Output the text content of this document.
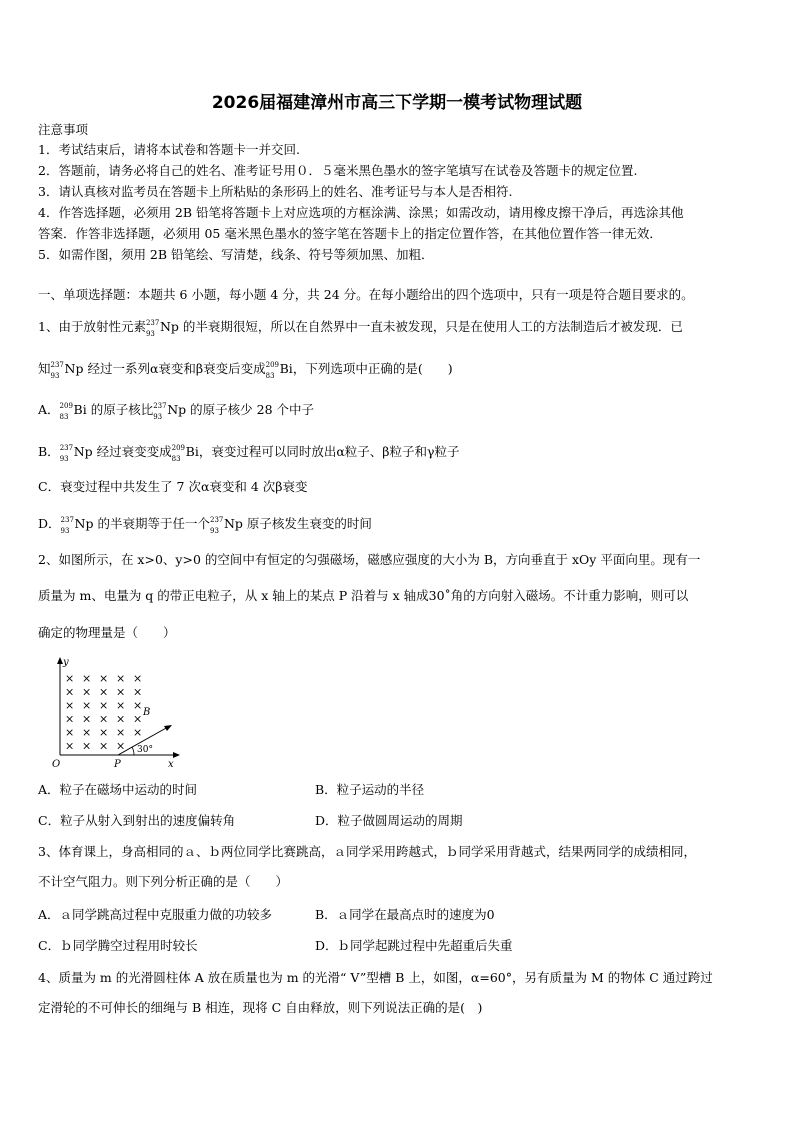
2026届福建漳州市高三下学期一模考试物理试题
注意事项
1．考试结束后，请将本试卷和答题卡一并交回.
2．答题前，请务必将自己的姓名、准考证号用０．５毫米黑色墨水的签字笔填写在试卷及答题卡的规定位置.
3．请认真核对监考员在答题卡上所粘贴的条形码上的姓名、准考证号与本人是否相符.
4．作答选择题，必须用 2B 铅笔将答题卡上对应选项的方框涂满、涂黑；如需改动，请用橡皮擦干净后，再选涂其他
答案．作答非选择题，必须用 05 毫米黑色墨水的签字笔在答题卡上的指定位置作答，在其他位置作答一律无效．
5．如需作图，须用 2B 铅笔绘、写清楚，线条、符号等须加黑、加粗．
一、单项选择题：本题共 6 小题，每小题 4 分，共 24 分。在每小题给出的四个选项中，只有一项是符合题目要求的。
1、由于放射性元素 237
93 Np 的半衰期很短，所以在自然界中一直未被发现，只是在使用人工的方法制造后才被发现．已
知 237
93 Np 经过一系列α衰变和β衰变后变成 209
83 Bi，下列选项中正确的是(　　)
A． 209
83 Bi 的原子核比 237
93 Np 的原子核少 28 个中子
B． 237
93 Np 经过衰变变成 209
83 Bi，衰变过程可以同时放出α粒子、β粒子和γ粒子
C．衰变过程中共发生了 7 次α衰变和 4 次β衰变
D． 237
93 Np 的半衰期等于任一个 237
93 Np 原子核发生衰变的时间
2、如图所示，在 x>0、y>0 的空间中有恒定的匀强磁场，磁感应强度的大小为 B，方向垂直于 xOy 平面向里。现有一
质量为 m、电量为 q 的带正电粒子，从 x 轴上的某点 P 沿着与 x 轴成30˚角的方向射入磁场。不计重力影响，则可以
确定的物理量是（　　）
y
x
O	P
B
30°
× × × × ×
× × × × ×
× × × × ×
× × × × ×
× × × × ×
× × × ×
A．粒子在磁场中运动的时间	B．粒子运动的半径
C．粒子从射入到射出的速度偏转角	D．粒子做圆周运动的周期
3、体育课上，身高相同的ａ、ｂ两位同学比赛跳高，ａ同学采用跨越式，ｂ同学采用背越式，结果两同学的成绩相同，
不计空气阻力。则下列分析正确的是（　　）
A．ａ同学跳高过程中克服重力做的功较多	B．ａ同学在最高点时的速度为0
C．ｂ同学腾空过程用时较长	D．ｂ同学起跳过程中先超重后失重
4、质量为 m 的光滑圆柱体 A 放在质量也为 m 的光滑“ V”型槽 B 上，如图，α=60°，另有质量为 M 的物体 C 通过跨过
定滑轮的不可伸长的细绳与 B 相连，现将 C 自由释放，则下列说法正确的是(　)
